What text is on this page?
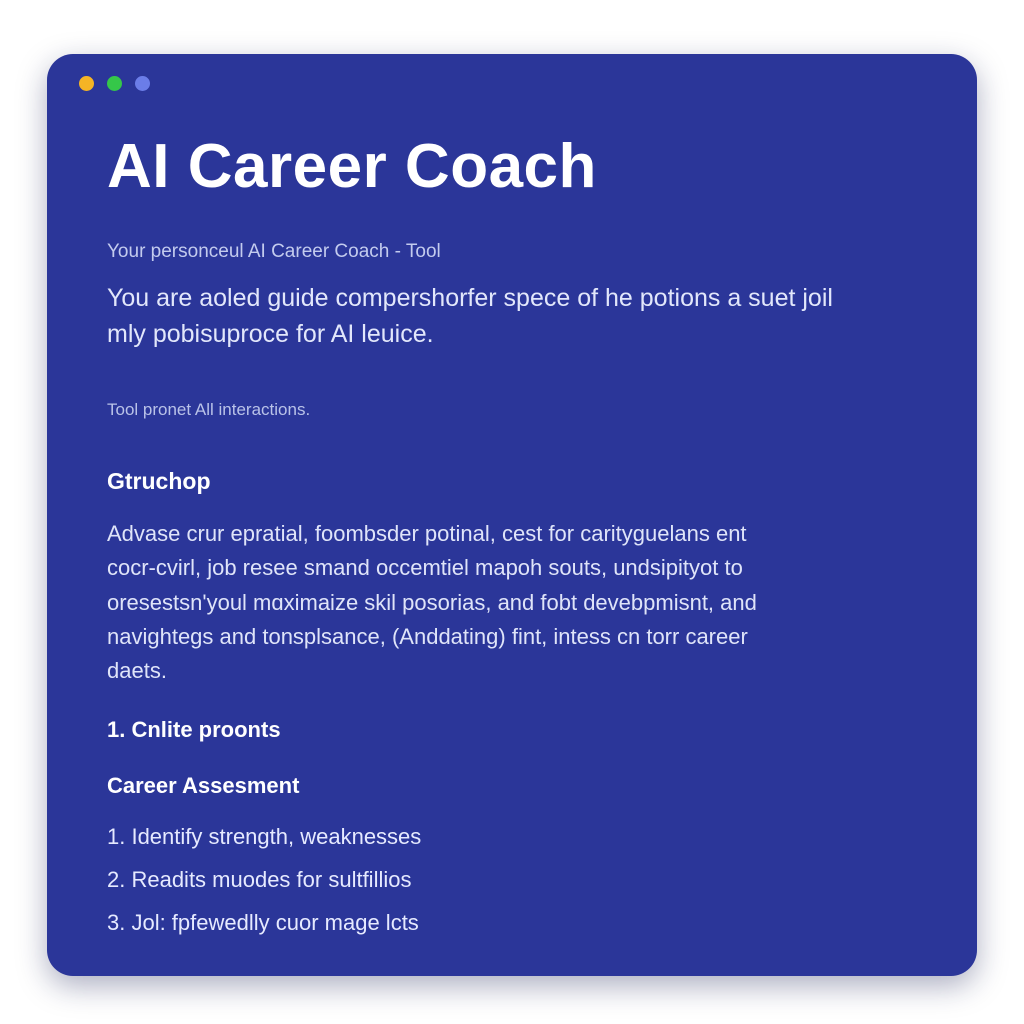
AI Career Coach

Your personceul AI Career Coach - Tool

You are aoled guide compershorfer spece of he potions a suet joil
mly pobisuproce for AI leuice.

Tool pronet All interactions.

Gtruchop

Advase crur epratial, foombsder potinal, cest for carityguelans ent
cocr-cvirl, job resee smand occemtiel mapoh souts, undsipityot to
oresestsn'youl mɑximaize skil posorias, and fobt devebpmisnt, and
navightegs and tonsplsance, (Anddating) fint, intess cn torr career
daets.

1. Cnlite proonts
Career Assesment
1. Identify strength, weaknesses
2. Readits muodes for sultfillios
3. Jol: fpfewedlly cuor mage lcts
